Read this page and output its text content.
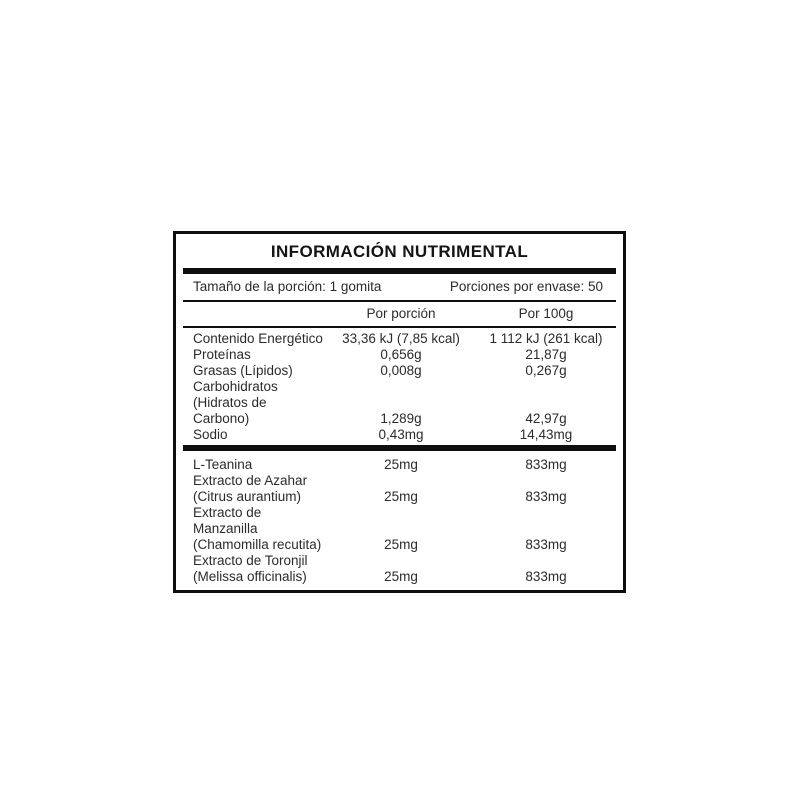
INFORMACIÓN NUTRIMENTAL
Tamaño de la porción: 1 gomita	Porciones por envase: 50
Por porción	Por 100g
Contenido Energético	33,36 kJ (7,85 kcal)	1 112 kJ (261 kcal)
Proteínas	0,656g	21,87g
Grasas (Lípidos)	0,008g	0,267g
Carbohidratos
(Hidratos de Carbono)	1,289g	42,97g
Sodio	0,43mg	14,43mg
L-Teanina	25mg	833mg
Extracto de Azahar
(Citrus aurantium)	25mg	833mg
Extracto de Manzanilla
(Chamomilla recutita)	25mg	833mg
Extracto de Toronjil
(Melissa officinalis)	25mg	833mg
